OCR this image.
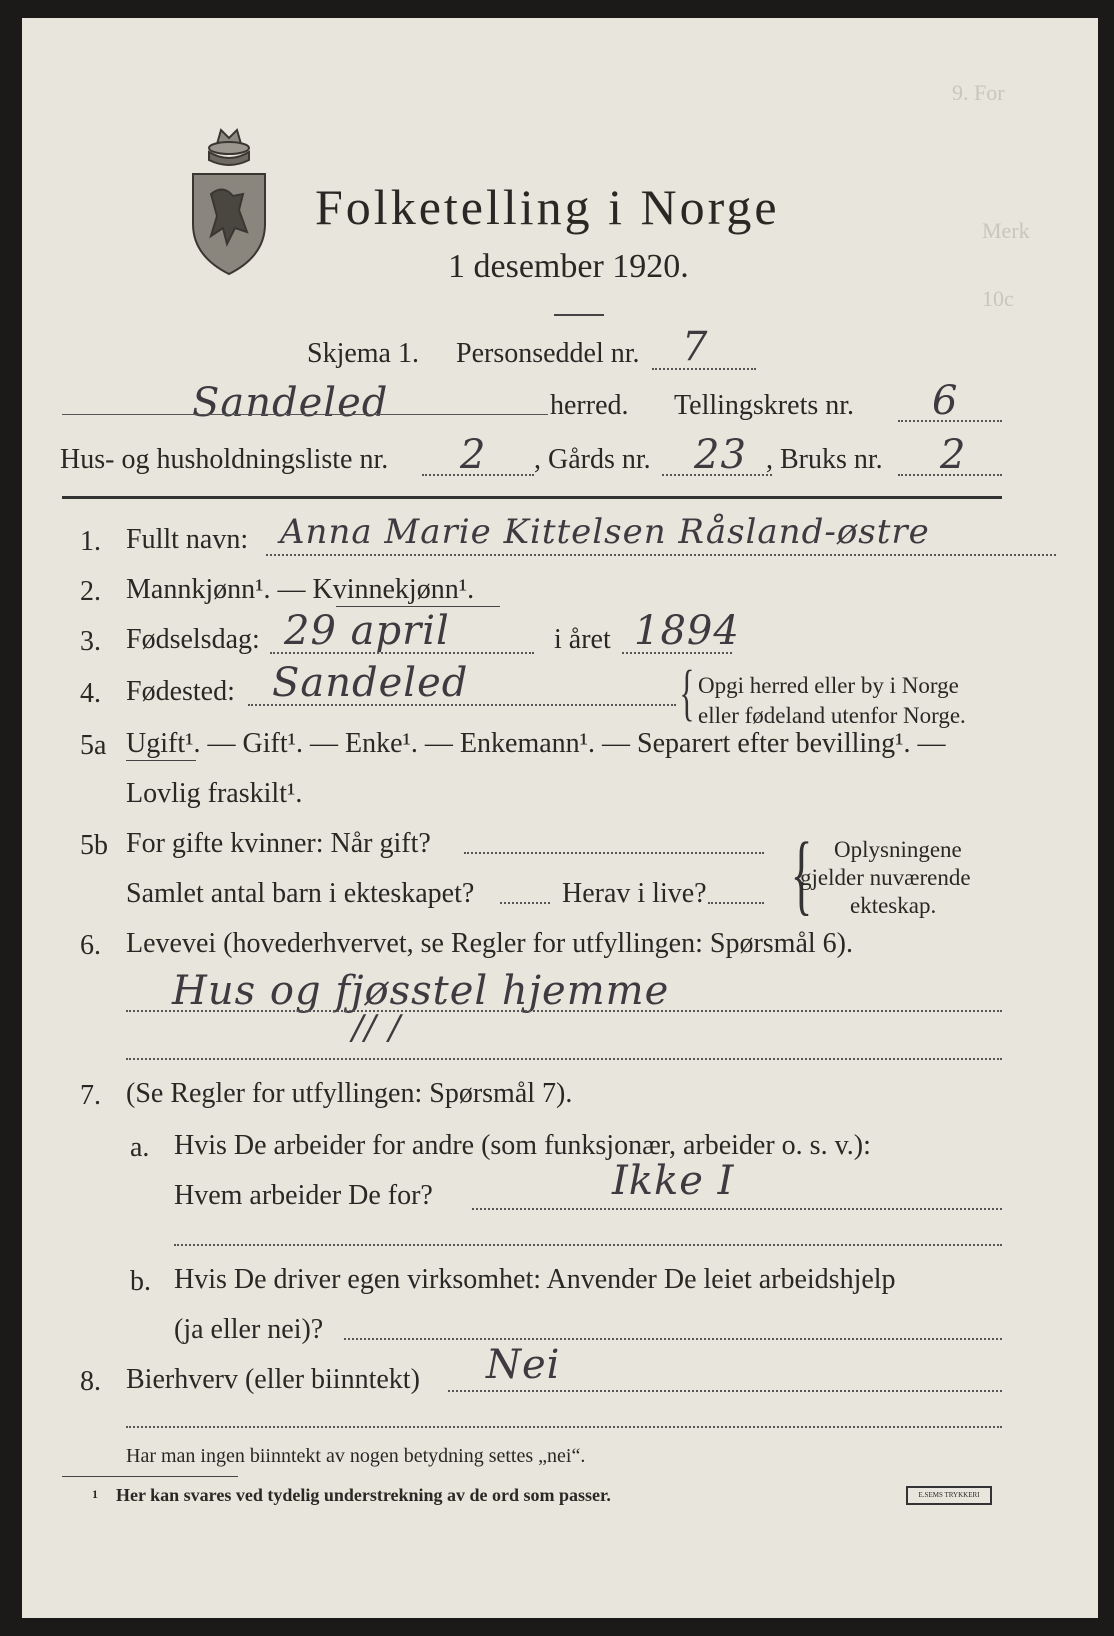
9. For
Merk
10c
Folketelling i Norge
1 desember 1920.
Skjema 1. Personseddel nr. 7
Sandeled	herred. Tellingskrets nr. 6
Hus- og husholdningsliste nr. 2 , Gårds nr. 23 , Bruks nr. 2
1. Fullt navn: Anna Marie Kittelsen Råsland-østre
2. Mannkjønn¹. — Kvinnekjønn¹.
3. Fødselsdag: 29 april	i året 1894
4. Fødested: Sandeled	{ Opgi herred eller by i Norge
eller fødeland utenfor Norge.
5a Ugift¹. — Gift¹. — Enke¹. — Enkemann¹. — Separert efter bevilling¹. —
Lovlig fraskilt¹.
5b For gifte kvinner: Når gift?
Samlet antal barn i ekteskapet?	Herav i live? { Oplysningene
gjelder nuværende
ekteskap.
6. Levevei (hovederhvervet, se Regler for utfyllingen: Spørsmål 6).
Hus og fjøsstel hjemme
// /
7. (Se Regler for utfyllingen: Spørsmål 7).
a. Hvis De arbeider for andre (som funksjonær, arbeider o. s. v.):
Hvem arbeider De for?	Ikke I
b. Hvis De driver egen virksomhet: Anvender De leiet arbeidshjelp
(ja eller nei)?
8. Bierhverv (eller biinntekt) Nei
Har man ingen biinntekt av nogen betydning settes „nei“.
1 Her kan svares ved tydelig understrekning av de ord som passer.	E.SEMS TRYKKERI
